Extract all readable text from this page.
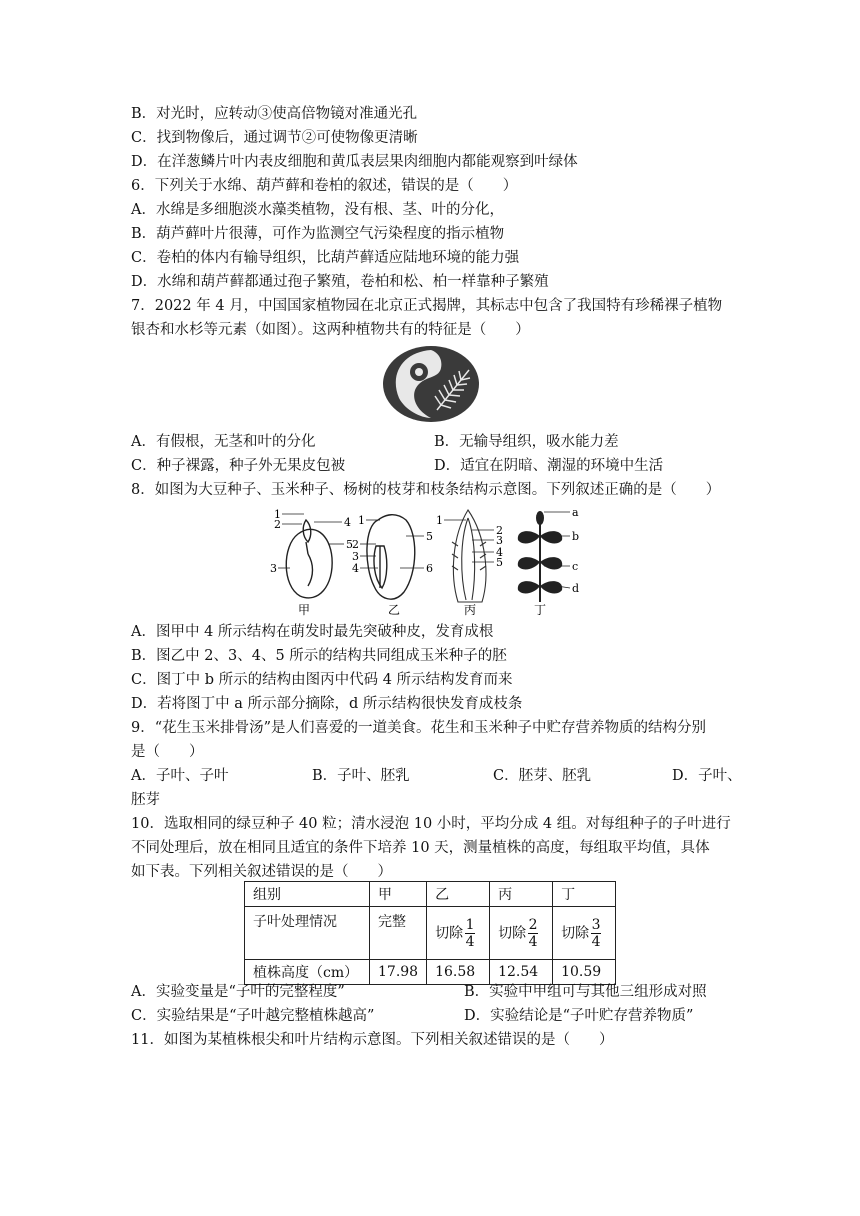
B．对光时，应转动③使高倍物镜对准通光孔
C．找到物像后，通过调节②可使物像更清晰
D．在洋葱鳞片叶内表皮细胞和黄瓜表层果肉细胞内都能观察到叶绿体
6．下列关于水绵、葫芦藓和卷柏的叙述，错误的是（　　）
A．水绵是多细胞淡水藻类植物，没有根、茎、叶的分化，
B．葫芦藓叶片很薄，可作为监测空气污染程度的指示植物
C．卷柏的体内有输导组织，比葫芦藓适应陆地环境的能力强
D．水绵和葫芦藓都通过孢子繁殖，卷柏和松、柏一样靠种子繁殖
7．2022 年 4 月，中国国家植物园在北京正式揭牌，其标志中包含了我国特有珍稀裸子植物
银杏和水杉等元素（如图）。这两种植物共有的特征是（　　）
A．有假根，无茎和叶的分化	B．无输导组织，吸水能力差
C．种子裸露，种子外无果皮包被	D．适宜在阴暗、潮湿的环境中生活
8．如图为大豆种子、玉米种子、杨树的枝芽和枝条结构示意图。下列叙述正确的是（　　）
1
2
3
4
5
甲
1
2
3
4
5
6
乙
1
2
3
4
5
丙
a
b
c
d
丁
A．图甲中 4 所示结构在萌发时最先突破种皮，发育成根
B．图乙中 2、3、4、5 所示的结构共同组成玉米种子的胚
C．图丁中 b 所示的结构由图丙中代码 4 所示结构发育而来
D．若将图丁中 a 所示部分摘除，d 所示结构很快发育成枝条
9．“花生玉米排骨汤”是人们喜爱的一道美食。花生和玉米种子中贮存营养物质的结构分别
是（　　）
A．子叶、子叶	B．子叶、胚乳	C．胚芽、胚乳	D．子叶、
胚芽
10．选取相同的绿豆种子 40 粒；清水浸泡 10 小时，平均分成 4 组。对每组种子的子叶进行
不同处理后，放在相同且适宜的条件下培养 10 天，测量植株的高度，每组取平均值，具体
如下表。下列相关叙述错误的是（　　）
组别	甲	乙	丙	丁
子叶处理情况	完整	切除 $\frac{1}{4}$	切除 $\frac{2}{4}$	切除 $\frac{3}{4}$

植株高度（cm）	17.98	16.58	12.54	10.59
A．实验变量是“子叶的完整程度”	B．实验中甲组可与其他三组形成对照
C．实验结果是“子叶越完整植株越高”	D．实验结论是“子叶贮存营养物质”
11．如图为某植株根尖和叶片结构示意图。下列相关叙述错误的是（　　）
